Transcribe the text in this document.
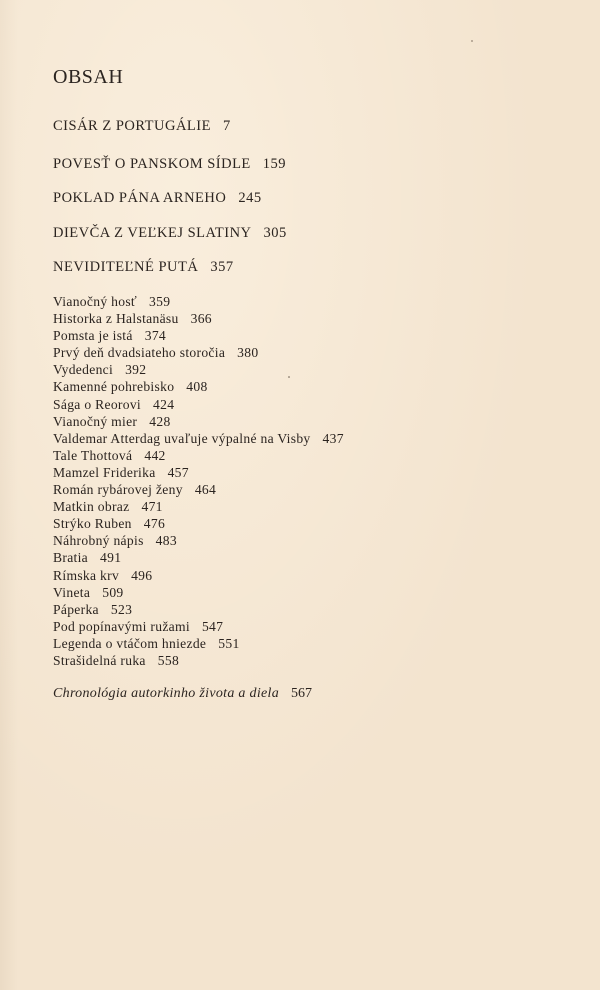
OBSAH
CISÁR Z PORTUGÁLIE 7
POVESŤ O PANSKOM SÍDLE 159
POKLAD PÁNA ARNEHO 245
DIEVČA Z VEĽKEJ SLATINY 305
NEVIDITEĽNÉ PUTÁ 357
Vianočný hosť 359
Historka z Halstanäsu 366
Pomsta je istá 374
Prvý deň dvadsiateho storočia 380
Vydedenci 392
Kamenné pohrebisko 408
Sága o Reorovi 424
Vianočný mier 428
Valdemar Atterdag uvaľuje výpalné na Visby 437
Tale Thottová 442
Mamzel Friderika 457
Román rybárovej ženy 464
Matkin obraz 471
Strýko Ruben 476
Náhrobný nápis 483
Bratia 491
Rímska krv 496
Vineta 509
Páperka 523
Pod popínavými ružami 547
Legenda o vtáčom hniezde 551
Strašidelná ruka 558
Chronológia autorkinho života a diela 567
